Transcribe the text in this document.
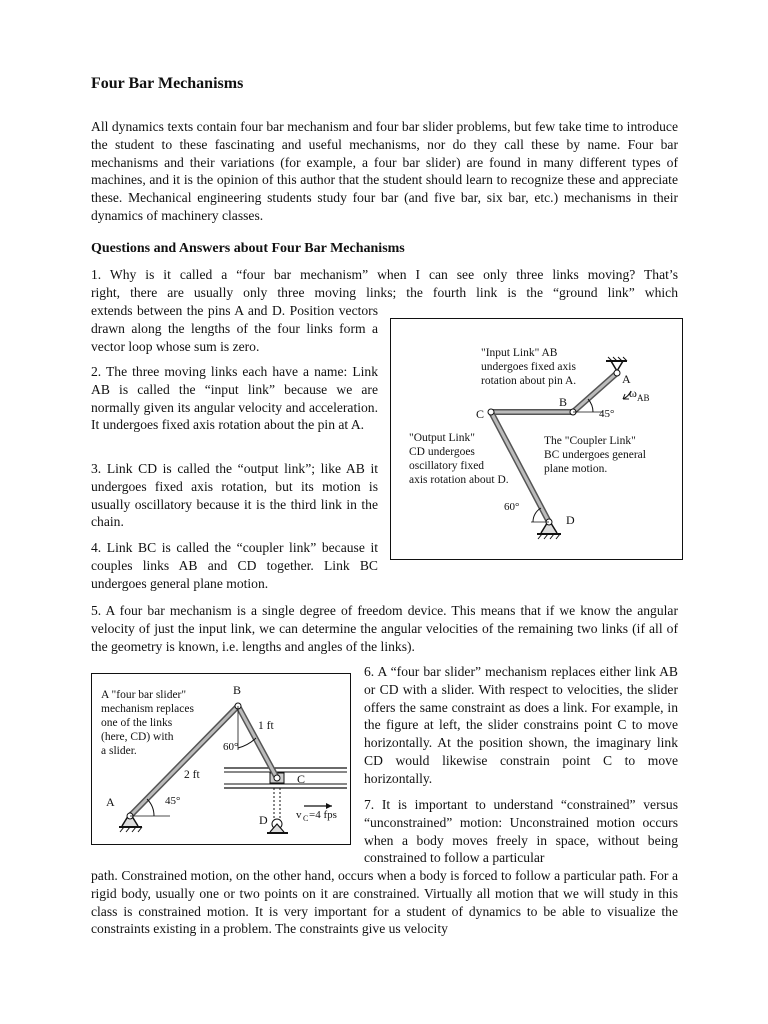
Four Bar Mechanisms
All dynamics texts contain four bar mechanism and four bar slider problems, but few take time to introduce the student to these fascinating and useful mechanisms, nor do they call these by name. Four bar mechanisms and their variations (for example, a four bar slider) are found in many different types of machines, and it is the opinion of this author that the student should learn to recognize these and appreciate these. Mechanical engineering students study four bar (and five bar, six bar, etc.) mechanisms in their dynamics of machinery classes.
Questions and Answers about Four Bar Mechanisms
1. Why is it called a “four bar mechanism” when I can see only three links moving? That’s
right, there are usually only three moving links; the fourth link is the “ground link” which
extends between the pins A and D. Position vectors drawn along the lengths of the four links form a vector loop whose sum is zero.
2. The three moving links each have a name: Link AB is called the “input link” because we are normally given its angular velocity and acceleration. It undergoes fixed axis rotation about the pin at A.
3. Link CD is called the “output link”; like AB it undergoes fixed axis rotation, but its motion is usually oscillatory because it is the third link in the chain.
4. Link BC is called the “coupler link” because it couples links AB and CD together. Link BC undergoes general plane motion.
"Input Link" AB
undergoes fixed axis
rotation about pin A.
"Output Link"
CD undergoes
oscillatory fixed
axis rotation about D.
The "Coupler Link"
BC undergoes general
plane motion.
A
B
C
D
ω AB
45°
60°
5. A four bar mechanism is a single degree of freedom device. This means that if we know the angular velocity of just the input link, we can determine the angular velocities of the remaining two links (if all of the geometry is known, i.e. lengths and angles of the links).
A "four bar slider"
mechanism replaces
one of the links
(here, CD) with
a slider.
B
A
C
D
1 ft
2 ft
45°
60°
v C =4 fps
6. A “four bar slider” mechanism replaces either link AB or CD with a slider. With respect to velocities, the slider offers the same constraint as does a link. For example, in the figure at left, the slider constrains point C to move horizontally. At the position shown, the imaginary link CD would likewise constrain point C to move horizontally.
7. It is important to understand “constrained” versus “unconstrained” motion: Unconstrained motion occurs when a body moves freely in space, without being constrained to follow a particular
path. Constrained motion, on the other hand, occurs when a body is forced to follow a particular path. For a rigid body, usually one or two points on it are constrained. Virtually all motion that we will study in this class is constrained motion. It is very important for a student of dynamics to be able to visualize the constraints existing in a problem. The constraints give us velocity
